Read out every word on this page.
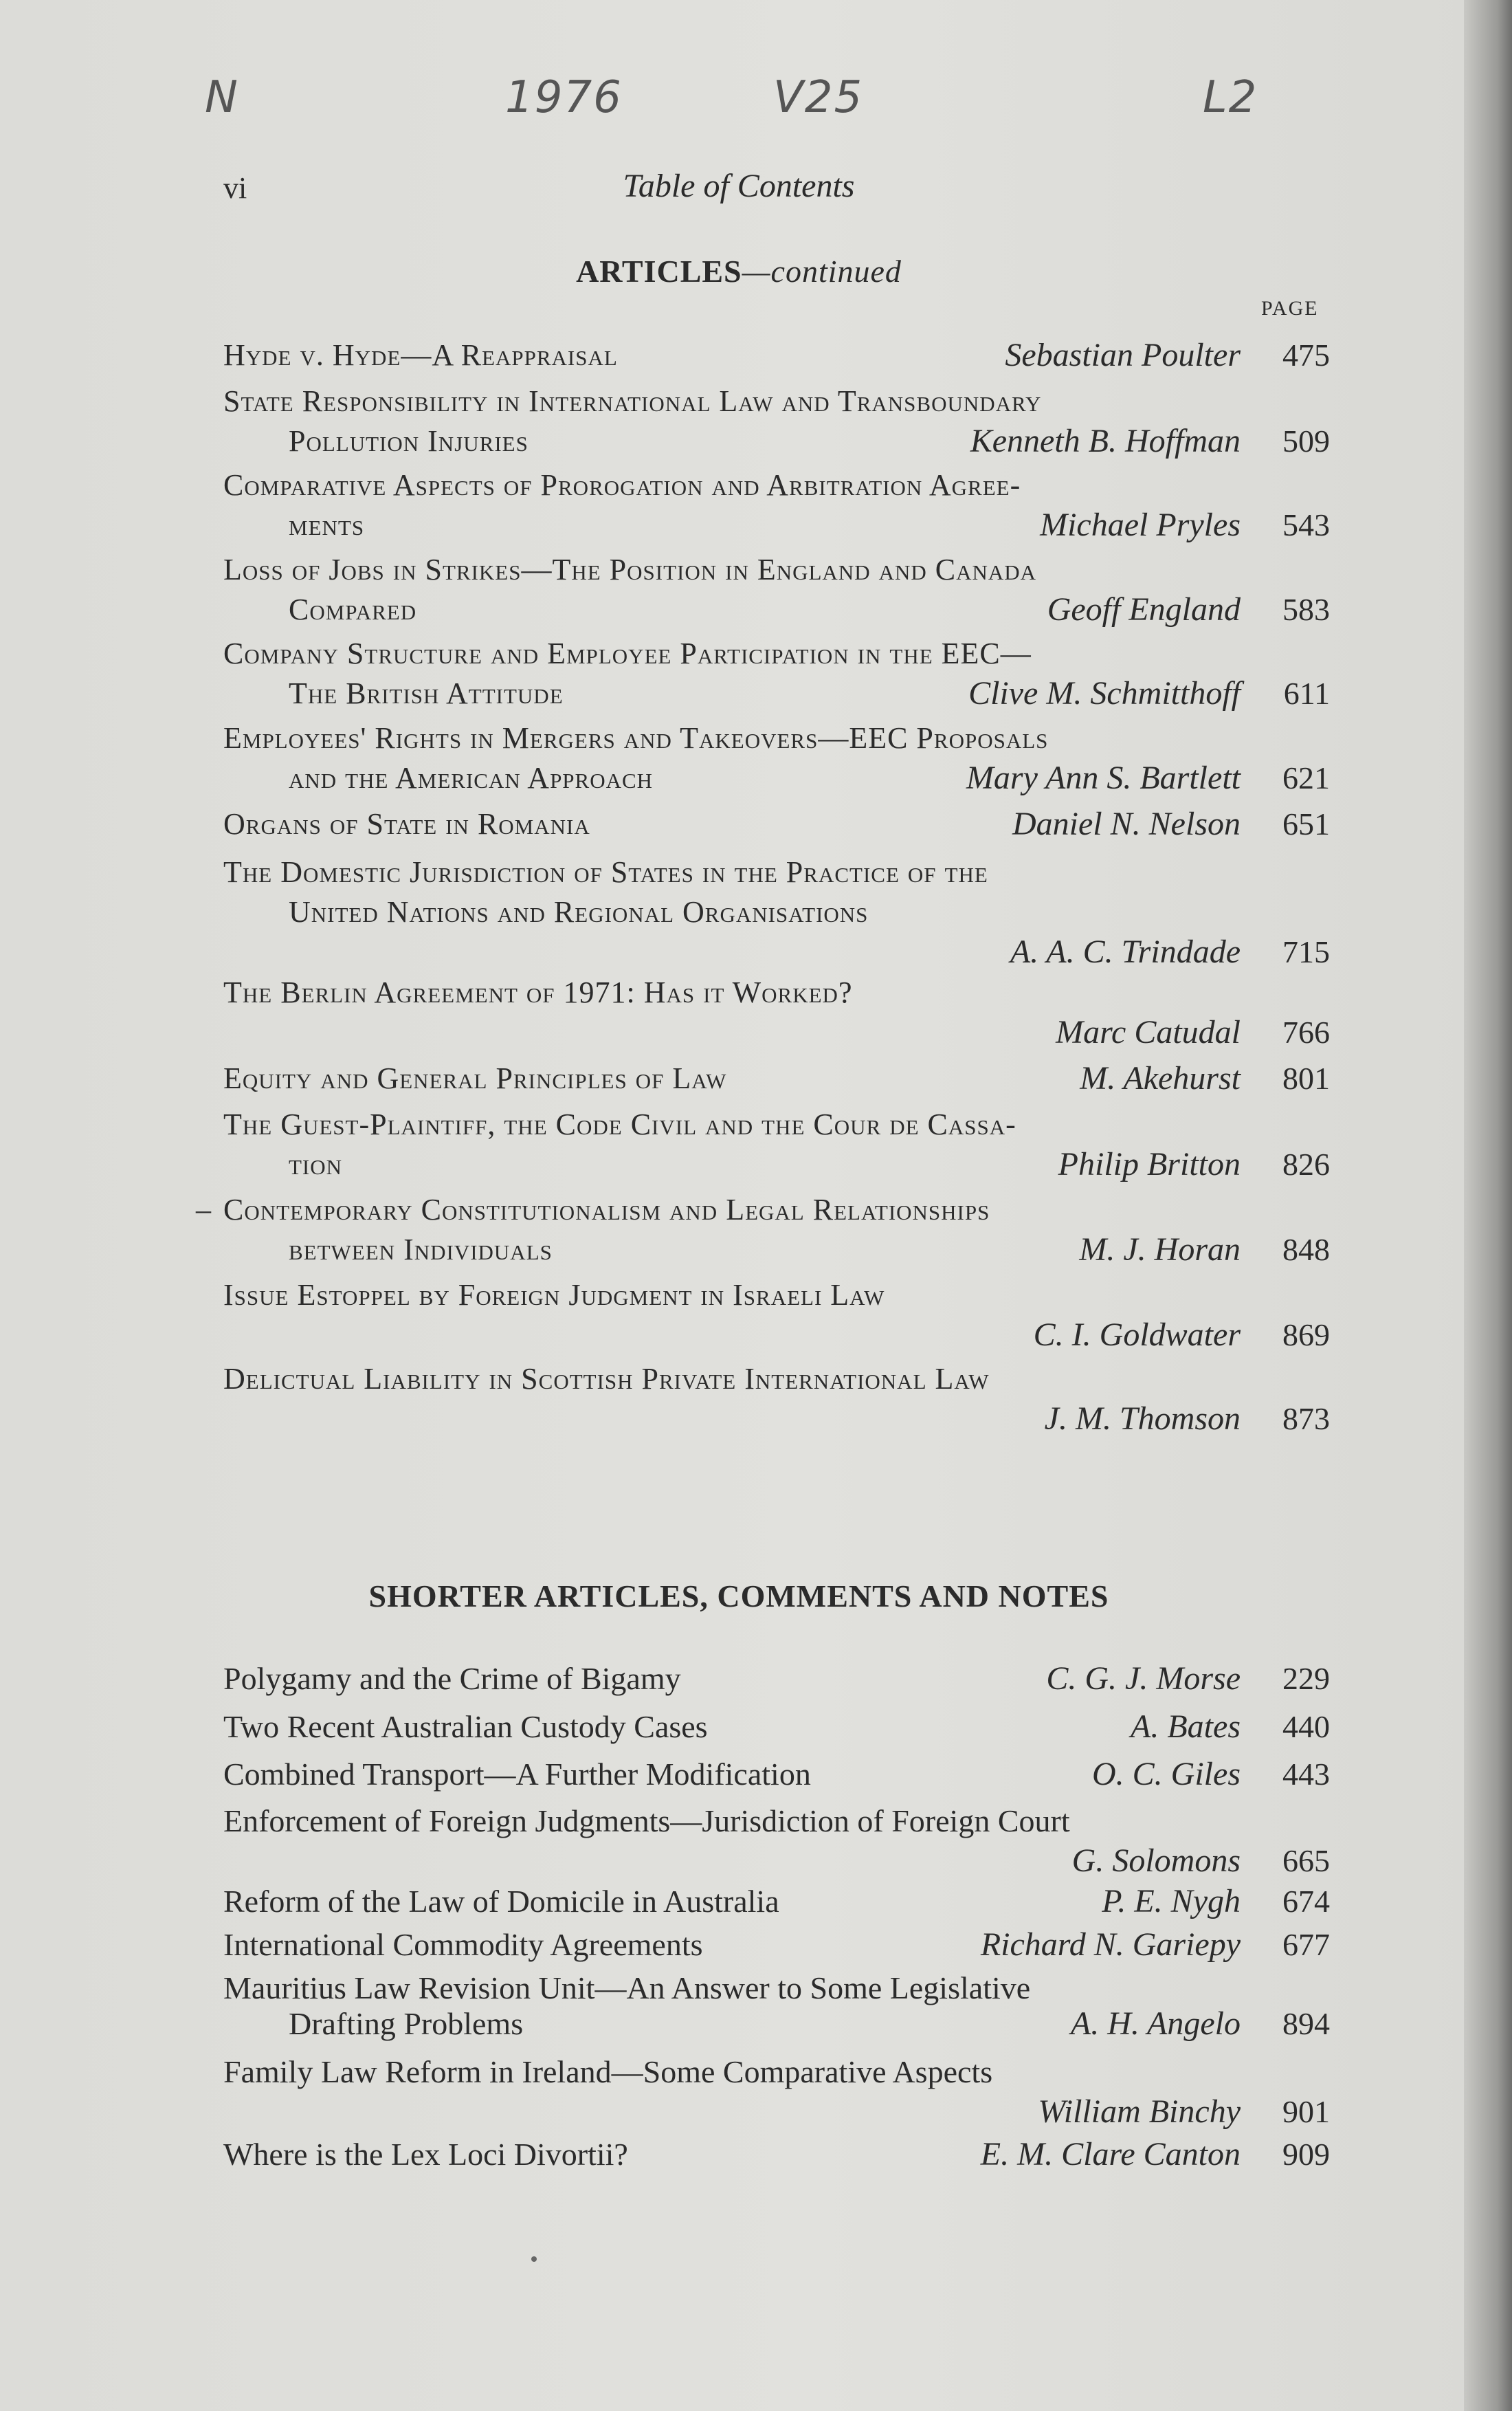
N	1976	V25	L2
vi	Table of Contents
ARTICLES—continued
PAGE
Hyde v. Hyde—A Reappraisal	Sebastian Poulter 475
State Responsibility in International Law and Transboundary
Pollution Injuries	Kenneth B. Hoffman 509
Comparative Aspects of Prorogation and Arbitration Agree-
ments	Michael Pryles 543
Loss of Jobs in Strikes—The Position in England and Canada
Compared	Geoff England 583
Company Structure and Employee Participation in the EEC—
The British Attitude	Clive M. Schmitthoff 611
Employees' Rights in Mergers and Takeovers—EEC Proposals
and the American Approach	Mary Ann S. Bartlett 621
Organs of State in Romania	Daniel N. Nelson 651
The Domestic Jurisdiction of States in the Practice of the
United Nations and Regional Organisations
A. A. C. Trindade 715
The Berlin Agreement of 1971: Has it Worked?
Marc Catudal 766
Equity and General Principles of Law	M. Akehurst 801
The Guest-Plaintiff, the Code Civil and the Cour de Cassa-
tion	Philip Britton 826
– Contemporary Constitutionalism and Legal Relationships
between Individuals	M. J. Horan 848
Issue Estoppel by Foreign Judgment in Israeli Law
C. I. Goldwater 869
Delictual Liability in Scottish Private International Law
J. M. Thomson 873
SHORTER ARTICLES, COMMENTS AND NOTES
Polygamy and the Crime of Bigamy	C. G. J. Morse 229
Two Recent Australian Custody Cases	A. Bates 440
Combined Transport—A Further Modification	O. C. Giles 443
Enforcement of Foreign Judgments—Jurisdiction of Foreign Court
G. Solomons 665
Reform of the Law of Domicile in Australia	P. E. Nygh 674
International Commodity Agreements	Richard N. Gariepy 677
Mauritius Law Revision Unit—An Answer to Some Legislative
Drafting Problems	A. H. Angelo 894
Family Law Reform in Ireland—Some Comparative Aspects
William Binchy 901
Where is the Lex Loci Divortii?	E. M. Clare Canton 909
